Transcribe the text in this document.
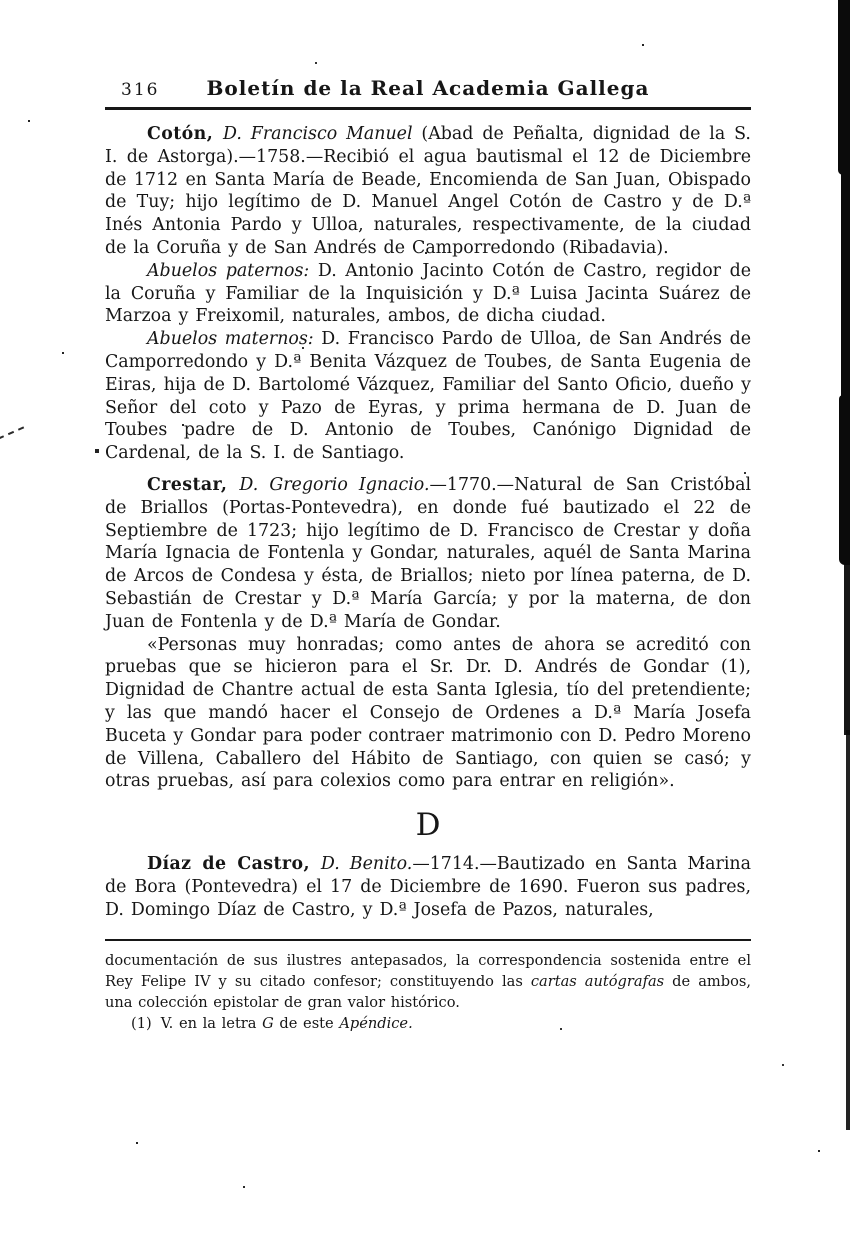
316	Boletín de la Real Academia Gallega

Cotón, D. Francisco Manuel (Abad de Peñalta, dignidad de la S. I. de Astorga).—1758.—Recibió el agua bautismal el 12 de Diciembre de 1712 en Santa María de Beade, Encomienda de San Juan, Obispado de Tuy; hijo legítimo de D. Manuel Angel Cotón de Castro y de D.ª Inés Antonia Pardo y Ulloa, naturales, respectivamente, de la ciudad de la Coruña y de San Andrés de Camporredondo (Ribadavia).

Abuelos paternos: D. Antonio Jacinto Cotón de Castro, regidor de la Coruña y Familiar de la Inquisición y D.ª Luisa Jacinta Suárez de Marzoa y Freixomil, naturales, ambos, de dicha ciudad.

Abuelos maternos: D. Francisco Pardo de Ulloa, de San Andrés de Camporredondo y D.ª Benita Vázquez de Toubes, de Santa Eugenia de Eiras, hija de D. Bartolomé Vázquez, Familiar del Santo Oficio, dueño y Señor del coto y Pazo de Eyras, y prima hermana de D. Juan de Toubes padre de D. Antonio de Toubes, Canónigo Dignidad de Cardenal, de la S. I. de Santiago.

Crestar, D. Gregorio Ignacio.—1770.—Natural de San Cristóbal de Briallos (Portas-Pontevedra), en donde fué bautizado el 22 de Septiembre de 1723; hijo legítimo de D. Francisco de Crestar y doña María Ignacia de Fontenla y Gondar, naturales, aquél de Santa Marina de Arcos de Condesa y ésta, de Briallos; nieto por línea paterna, de D. Sebastián de Crestar y D.ª María García; y por la materna, de don Juan de Fontenla y de D.ª María de Gondar.

«Personas muy honradas; como antes de ahora se acreditó con pruebas que se hicieron para el Sr. Dr. D. Andrés de Gondar (1), Dignidad de Chantre actual de esta Santa Iglesia, tío del pretendiente; y las que mandó hacer el Consejo de Ordenes a D.ª María Josefa Buceta y Gondar para poder contraer matrimonio con D. Pedro Moreno de Villena, Caballero del Hábito de Santiago, con quien se casó; y otras pruebas, así para colexios como para entrar en religión».

D

Díaz de Castro, D. Benito.—1714.—Bautizado en Santa Marina de Bora (Pontevedra) el 17 de Diciembre de 1690. Fueron sus padres, D. Domingo Díaz de Castro, y D.ª Josefa de Pazos, naturales,

documentación de sus ilustres antepasados, la correspondencia sostenida entre el Rey Felipe IV y su citado confesor; constituyendo las cartas autógrafas de ambos, una colección epistolar de gran valor histórico.

(1) V. en la letra G de este Apéndice.
